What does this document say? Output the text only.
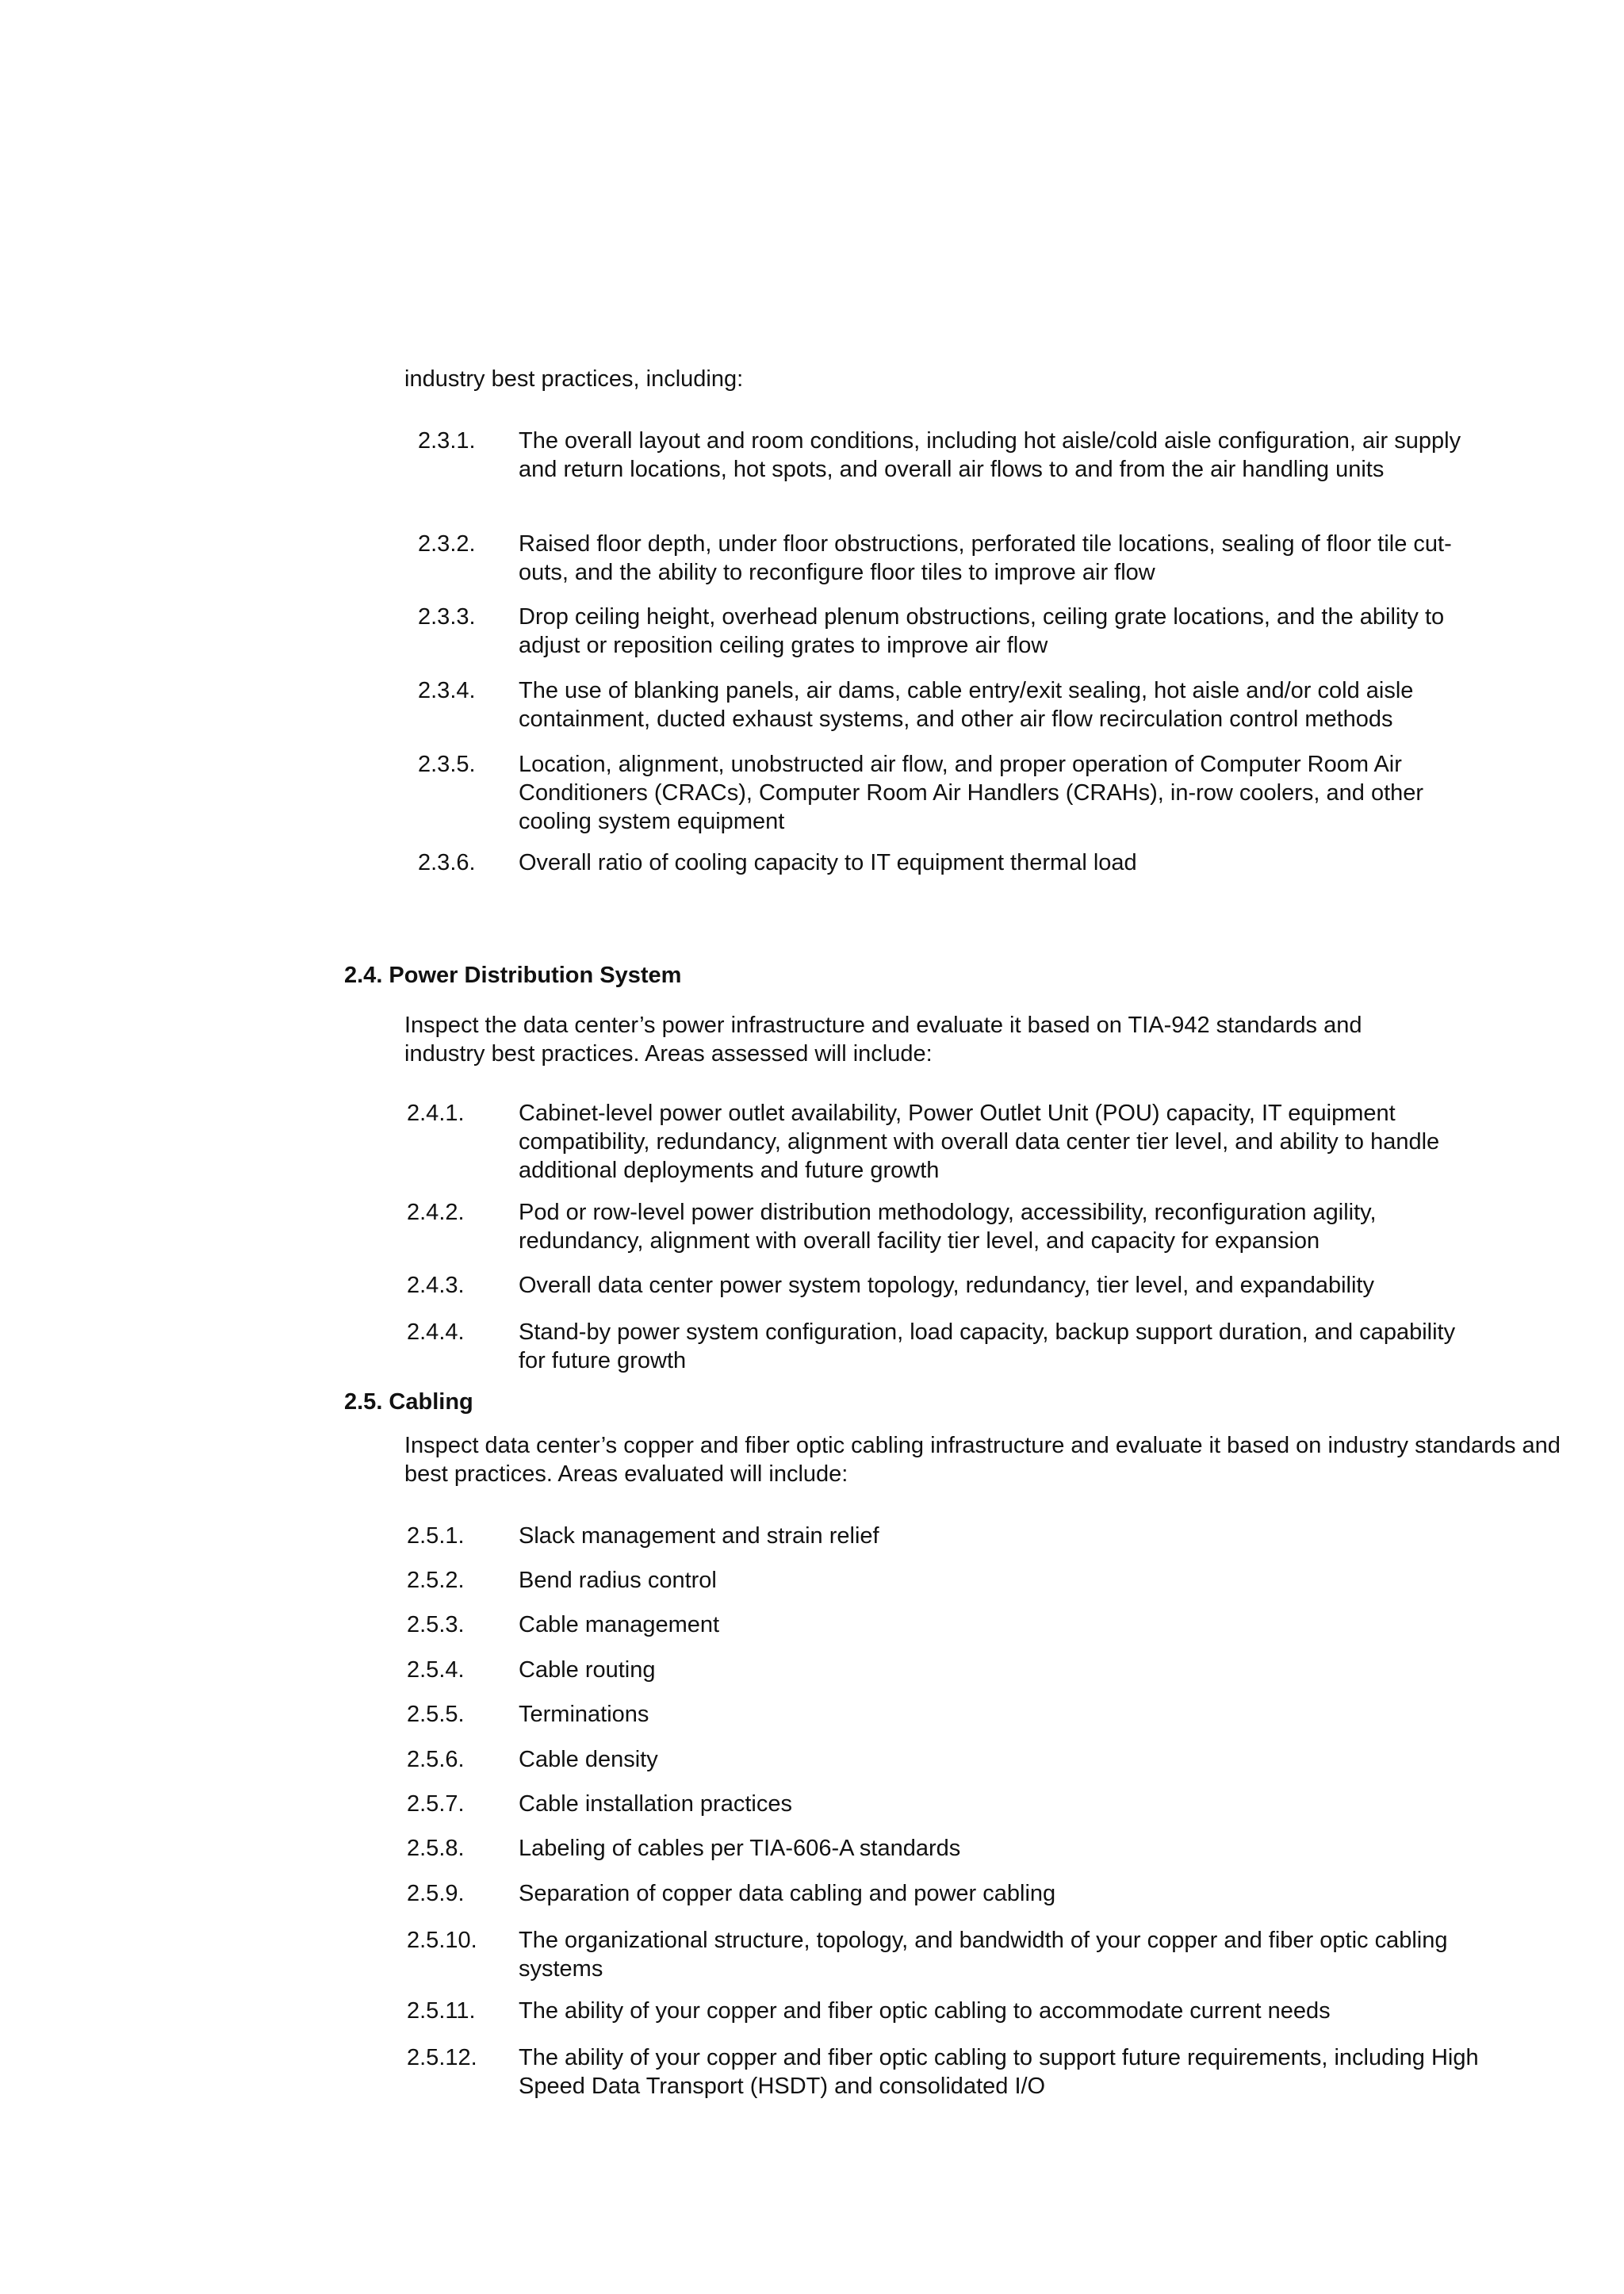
industry best practices, including:

2.3.1. The overall layout and room conditions, including hot aisle/cold aisle configuration, air supply and return locations, hot spots, and overall air flows to and from the air handling units
2.3.2. Raised floor depth, under floor obstructions, perforated tile locations, sealing of floor tile cut-outs, and the ability to reconfigure floor tiles to improve air flow
2.3.3. Drop ceiling height, overhead plenum obstructions, ceiling grate locations, and the ability to adjust or reposition ceiling grates to improve air flow
2.3.4. The use of blanking panels, air dams, cable entry/exit sealing, hot aisle and/or cold aisle containment, ducted exhaust systems, and other air flow recirculation control methods
2.3.5. Location, alignment, unobstructed air flow, and proper operation of Computer Room Air Conditioners (CRACs), Computer Room Air Handlers (CRAHs), in-row coolers, and other cooling system equipment
2.3.6. Overall ratio of cooling capacity to IT equipment thermal load

2.4. Power Distribution System

Inspect the data center’s power infrastructure and evaluate it based on TIA-942 standards and industry best practices. Areas assessed will include:

2.4.1. Cabinet-level power outlet availability, Power Outlet Unit (POU) capacity, IT equipment compatibility, redundancy, alignment with overall data center tier level, and ability to handle additional deployments and future growth
2.4.2. Pod or row-level power distribution methodology, accessibility, reconfiguration agility, redundancy, alignment with overall facility tier level, and capacity for expansion
2.4.3. Overall data center power system topology, redundancy, tier level, and expandability
2.4.4. Stand-by power system configuration, load capacity, backup support duration, and capability for future growth

2.5. Cabling

Inspect data center’s copper and fiber optic cabling infrastructure and evaluate it based on industry standards and best practices. Areas evaluated will include:

2.5.1. Slack management and strain relief
2.5.2. Bend radius control
2.5.3. Cable management
2.5.4. Cable routing
2.5.5. Terminations
2.5.6. Cable density
2.5.7. Cable installation practices
2.5.8. Labeling of cables per TIA-606-A standards
2.5.9. Separation of copper data cabling and power cabling
2.5.10. The organizational structure, topology, and bandwidth of your copper and fiber optic cabling systems
2.5.11. The ability of your copper and fiber optic cabling to accommodate current needs
2.5.12. The ability of your copper and fiber optic cabling to support future requirements, including High Speed Data Transport (HSDT) and consolidated I/O
